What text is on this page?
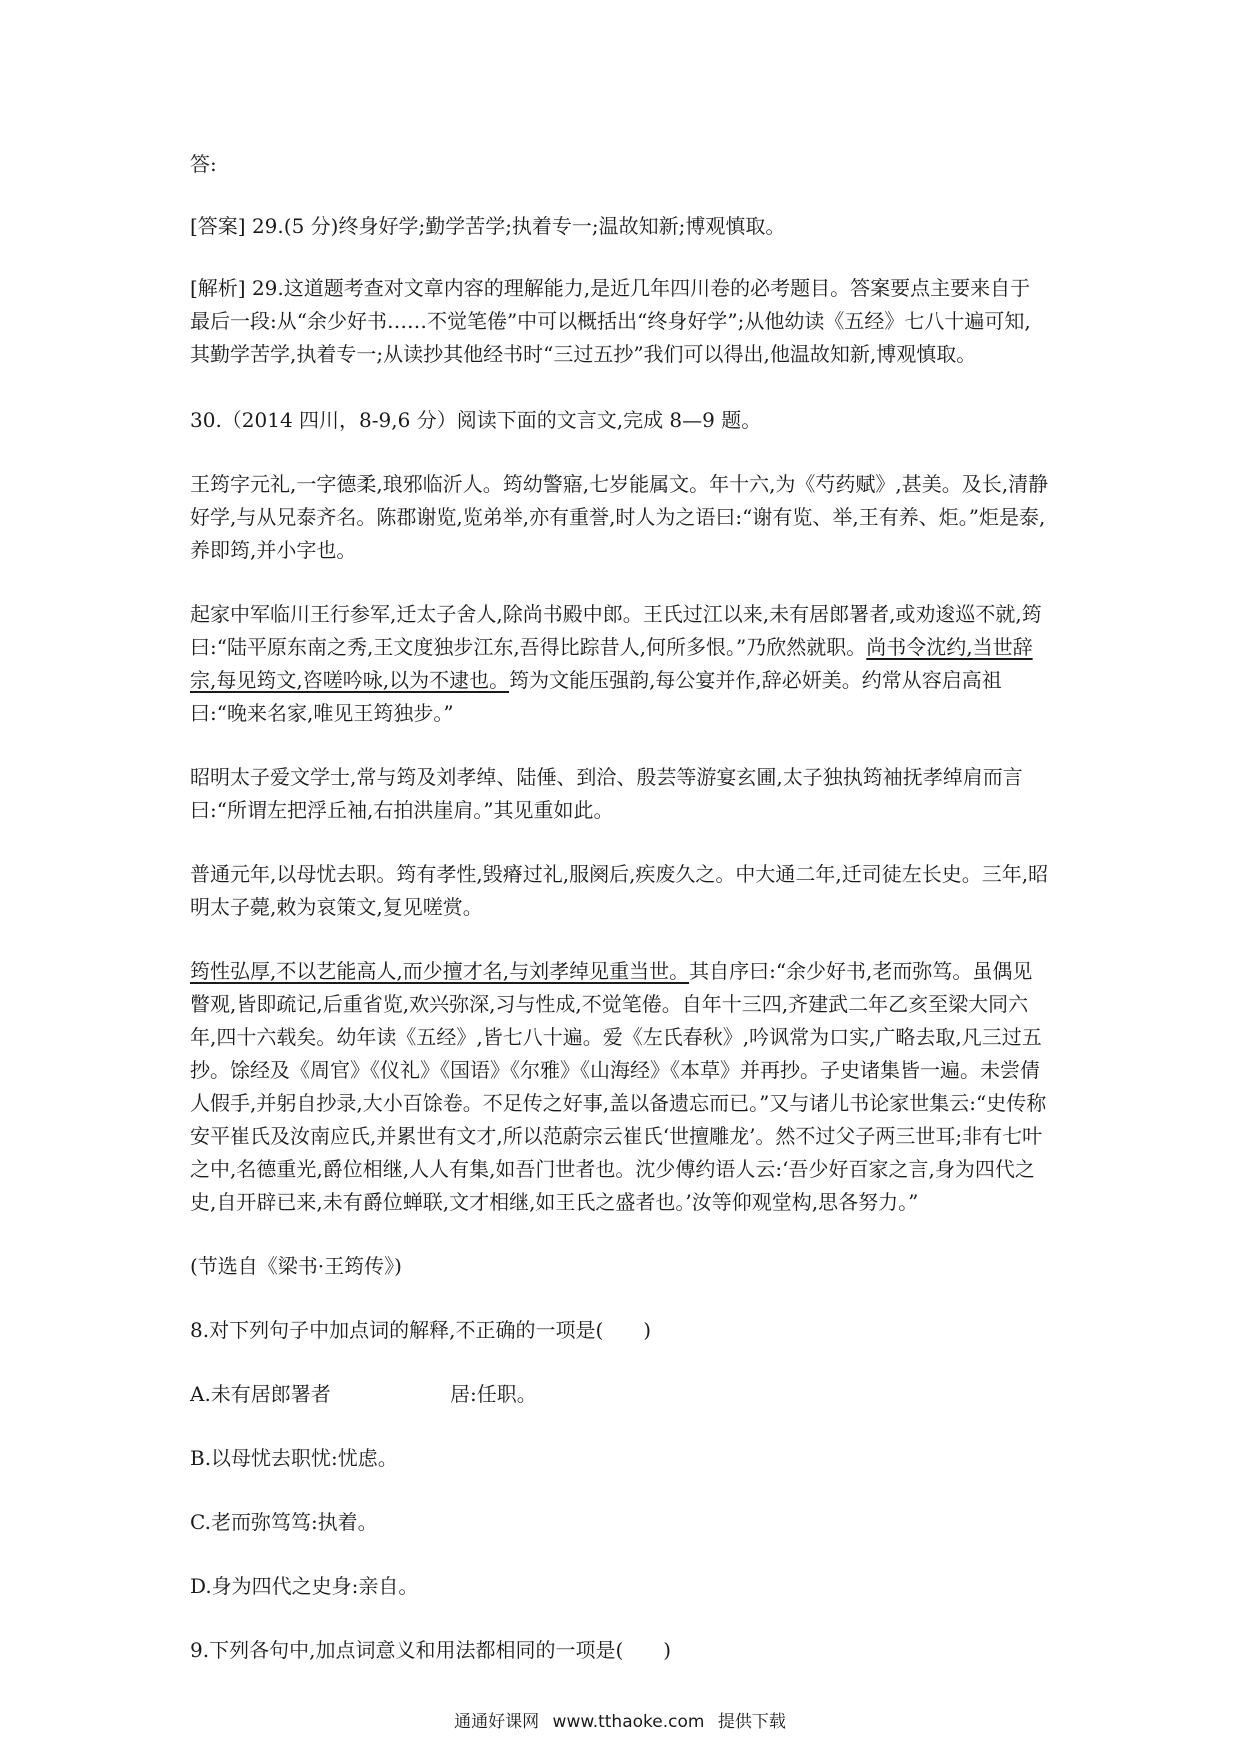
答:

[答案] 29.(5 分)终身好学;勤学苦学;执着专一;温故知新;博观慎取。

[解析] 29.这道题考查对文章内容的理解能力,是近几年四川卷的必考题目。答案要点主要来自于最后一段:从“余少好书……不觉笔倦”中可以概括出“终身好学”;从他幼读《五经》七八十遍可知,其勤学苦学,执着专一;从读抄其他经书时“三过五抄”我们可以得出,他温故知新,博观慎取。

30.（2014 四川，8-9,6 分）阅读下面的文言文,完成 8—9 题。

王筠字元礼,一字德柔,琅邪临沂人。筠幼警寤,七岁能属文。年十六,为《芍药赋》,甚美。及长,清静好学,与从兄泰齐名。陈郡谢览,览弟举,亦有重誉,时人为之语曰:“谢有览、举,王有养、炬。”炬是泰,养即筠,并小字也。

起家中军临川王行参军,迁太子舍人,除尚书殿中郎。王氏过江以来,未有居郎署者,或劝逡巡不就,筠曰:“陆平原东南之秀,王文度独步江东,吾得比踪昔人,何所多恨。”乃欣然就职。尚书令沈约,当世辞宗,每见筠文,咨嗟吟咏,以为不逮也。筠为文能压强韵,每公宴并作,辞必妍美。约常从容启高祖曰:“晚来名家,唯见王筠独步。”

昭明太子爱文学士,常与筠及刘孝绰、陆倕、到洽、殷芸等游宴玄圃,太子独执筠袖抚孝绰肩而言曰:“所谓左把浮丘袖,右拍洪崖肩。”其见重如此。

普通元年,以母忧去职。筠有孝性,毁瘠过礼,服阕后,疾废久之。中大通二年,迁司徒左长史。三年,昭明太子薨,敕为哀策文,复见嗟赏。

筠性弘厚,不以艺能高人,而少擅才名,与刘孝绰见重当世。其自序曰:“余少好书,老而弥笃。虽偶见瞥观,皆即疏记,后重省览,欢兴弥深,习与性成,不觉笔倦。自年十三四,齐建武二年乙亥至梁大同六年,四十六载矣。幼年读《五经》,皆七八十遍。爱《左氏春秋》,吟讽常为口实,广略去取,凡三过五抄。馀经及《周官》《仪礼》《国语》《尔雅》《山海经》《本草》并再抄。子史诸集皆一遍。未尝倩人假手,并躬自抄录,大小百馀卷。不足传之好事,盖以备遗忘而已。”又与诸儿书论家世集云:“史传称安平崔氏及汝南应氏,并累世有文才,所以范蔚宗云崔氏‘世擅雕龙’。然不过父子两三世耳;非有七叶之中,名德重光,爵位相继,人人有集,如吾门世者也。沈少傅约语人云:‘吾少好百家之言,身为四代之史,自开辟已来,未有爵位蝉联,文才相继,如王氏之盛者也。’汝等仰观堂构,思各努力。”

(节选自《梁书·王筠传》)

8.对下列句子中加点词的解释,不正确的一项是(　　)

A.未有居郎署者	居:任职。

B.以母忧去职忧:忧虑。

C.老而弥笃笃:执着。

D.身为四代之史身:亲自。

9.下列各句中,加点词意义和用法都相同的一项是(　　)

通通好课网 www.tthaoke.com 提供下载
